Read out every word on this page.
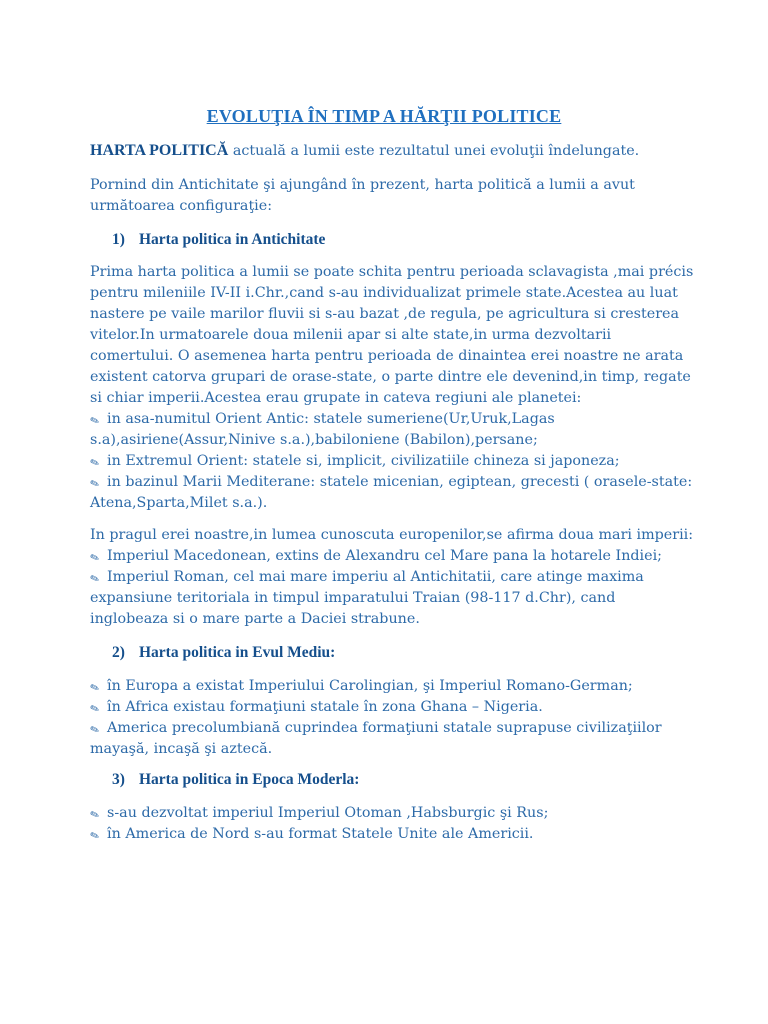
EVOLUŢIA ÎN TIMP A HĂRŢII POLITICE
HARTA POLITICĂ actuală a lumii este rezultatul unei evoluţii îndelungate.
Pornind din Antichitate şi ajungând în prezent, harta politică a lumii a avut
următoarea configuraţie:
1) Harta politica in Antichitate
Prima harta politica a lumii se poate schita pentru perioada sclavagista ,mai précis
pentru mileniile IV-II i.Chr.,cand s-au individualizat primele state.Acestea au luat
nastere pe vaile marilor fluvii si s-au bazat ,de regula, pe agricultura si cresterea
vitelor.In urmatoarele doua milenii apar si alte state,in urma dezvoltarii
comertului. O asemenea harta pentru perioada de dinaintea erei noastre ne arata
existent catorva grupari de orase-state, o parte dintre ele devenind,in timp, regate
si chiar imperii.Acestea erau grupate in cateva regiuni ale planetei:
✎ in asa-numitul Orient Antic: statele sumeriene(Ur,Uruk,Lagas
s.a),asiriene(Assur,Ninive s.a.),babiloniene (Babilon),persane;
✎ in Extremul Orient: statele si, implicit, civilizatiile chineza si japoneza;
✎ in bazinul Marii Mediterane: statele micenian, egiptean, grecesti ( orasele-state:
Atena,Sparta,Milet s.a.).
In pragul erei noastre,in lumea cunoscuta europenilor,se afirma doua mari imperii:
✎ Imperiul Macedonean, extins de Alexandru cel Mare pana la hotarele Indiei;
✎ Imperiul Roman, cel mai mare imperiu al Antichitatii, care atinge maxima
expansiune teritoriala in timpul imparatului Traian (98-117 d.Chr), cand
inglobeaza si o mare parte a Daciei strabune.
2) Harta politica in Evul Mediu:
✎ în Europa a existat Imperiului Carolingian, şi Imperiul Romano-German;
✎ în Africa existau formaţiuni statale în zona Ghana – Nigeria.
✎ America precolumbiană cuprindea formaţiuni statale suprapuse civilizaţiilor
mayaşă, incaşă şi aztecă.
3) Harta politica in Epoca Moderla:
✎ s-au dezvoltat imperiul Imperiul Otoman ,Habsburgic şi Rus;
✎ în America de Nord s-au format Statele Unite ale Americii.
